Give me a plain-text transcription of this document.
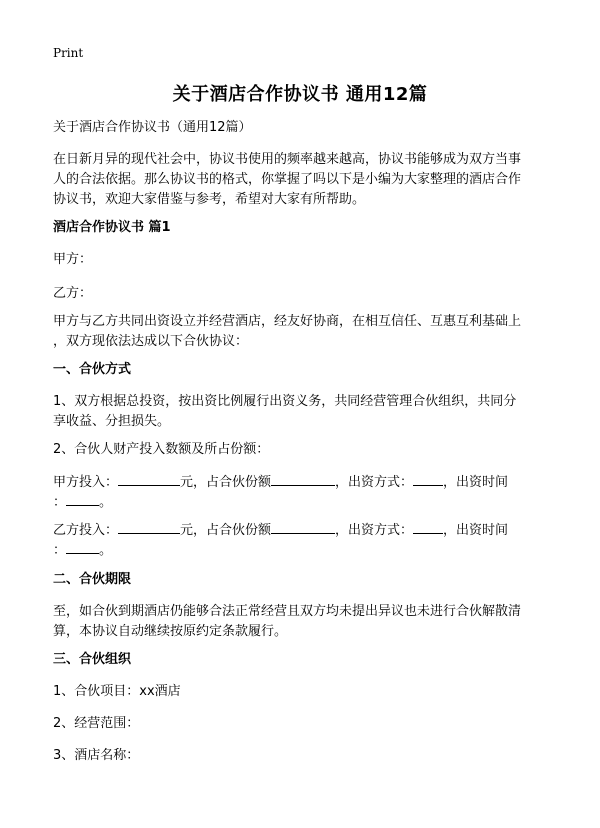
Print
关于酒店合作协议书 通用12篇
关于酒店合作协议书（通用12篇）
在日新月异的现代社会中，协议书使用的频率越来越高，协议书能够成为双方当事
人的合法依据。那么协议书的格式，你掌握了吗以下是小编为大家整理的酒店合作
协议书，欢迎大家借鉴与参考，希望对大家有所帮助。
酒店合作协议书 篇1
甲方：
乙方：
甲方与乙方共同出资设立并经营酒店，经友好协商，在相互信任、互惠互利基础上
，双方现依法达成以下合伙协议：
一、合伙方式
1、双方根据总投资，按出资比例履行出资义务，共同经营管理合伙组织，共同分
享收益、分担损失。
2、合伙人财产投入数额及所占份额：
甲方投入：	元，占合伙份额	，出资方式： ，出资时间
：	。
乙方投入：	元，占合伙份额	，出资方式： ，出资时间
：	。
二、合伙期限
至，如合伙到期酒店仍能够合法正常经营且双方均未提出异议也未进行合伙解散清
算，本协议自动继续按原约定条款履行。
三、合伙组织
1、合伙项目：xx酒店
2、经营范围：
3、酒店名称：
